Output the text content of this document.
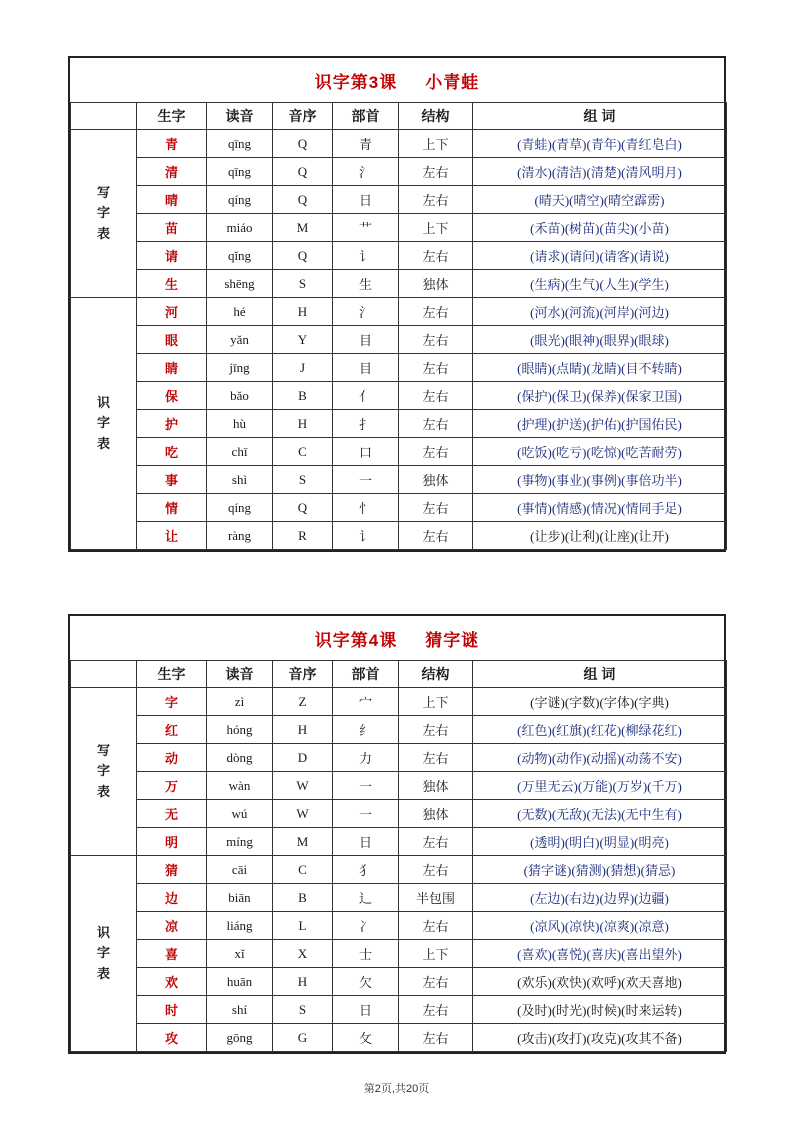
识字第3课 小青蛙
	生字	读音	音序	部首	结构	组 词

写
字
表	青	qīng	Q	青	上下	(青蛙)(青草)(青年)(青红皂白)
	清	qīng	Q	氵	左右	(清水)(清洁)(清楚)(清风明月)
	晴	qíng	Q	日	左右	(晴天)(晴空)(晴空霹雳)
	苗	miáo	M	艹	上下	(禾苗)(树苗)(苗尖)(小苗)
	请	qǐng	Q	讠	左右	(请求)(请问)(请客)(请说)
	生	shēng	S	生	独体	(生病)(生气)(人生)(学生)

识
字
表	河	hé	H	氵	左右	(河水)(河流)(河岸)(河边)
	眼	yǎn	Y	目	左右	(眼光)(眼神)(眼界)(眼球)
	睛	jīng	J	目	左右	(眼睛)(点睛)(龙睛)(目不转睛)
	保	bǎo	B	亻	左右	(保护)(保卫)(保养)(保家卫国)
	护	hù	H	扌	左右	(护理)(护送)(护佑)(护国佑民)
	吃	chī	C	口	左右	(吃饭)(吃亏)(吃惊)(吃苦耐劳)
	事	shì	S	一	独体	(事物)(事业)(事例)(事倍功半)
	情	qíng	Q	忄	左右	(事情)(情感)(情况)(情同手足)
	让	ràng	R	讠	左右	(让步)(让利)(让座)(让开)
识字第4课 猜字谜
	生字	读音	音序	部首	结构	组 词

写
字
表	字	zì	Z	宀	上下	(字谜)(字数)(字体)(字典)
	红	hóng	H	纟	左右	(红色)(红旗)(红花)(柳绿花红)
	动	dòng	D	力	左右	(动物)(动作)(动摇)(动荡不安)
	万	wàn	W	一	独体	(万里无云)(万能)(万岁)(千万)
	无	wú	W	一	独体	(无数)(无敌)(无法)(无中生有)
	明	míng	M	日	左右	(透明)(明白)(明显)(明亮)

识
字
表	猜	cāi	C	犭	左右	(猜字谜)(猜测)(猜想)(猜忌)
	边	biān	B	辶	半包围	(左边)(右边)(边界)(边疆)
	凉	liáng	L	冫	左右	(凉风)(凉快)(凉爽)(凉意)
	喜	xǐ	X	士	上下	(喜欢)(喜悦)(喜庆)(喜出望外)
	欢	huān	H	欠	左右	(欢乐)(欢快)(欢呼)(欢天喜地)
	时	shí	S	日	左右	(及时)(时光)(时候)(时来运转)
	攻	gōng	G	攵	左右	(攻击)(攻打)(攻克)(攻其不备)
第2页,共20页
